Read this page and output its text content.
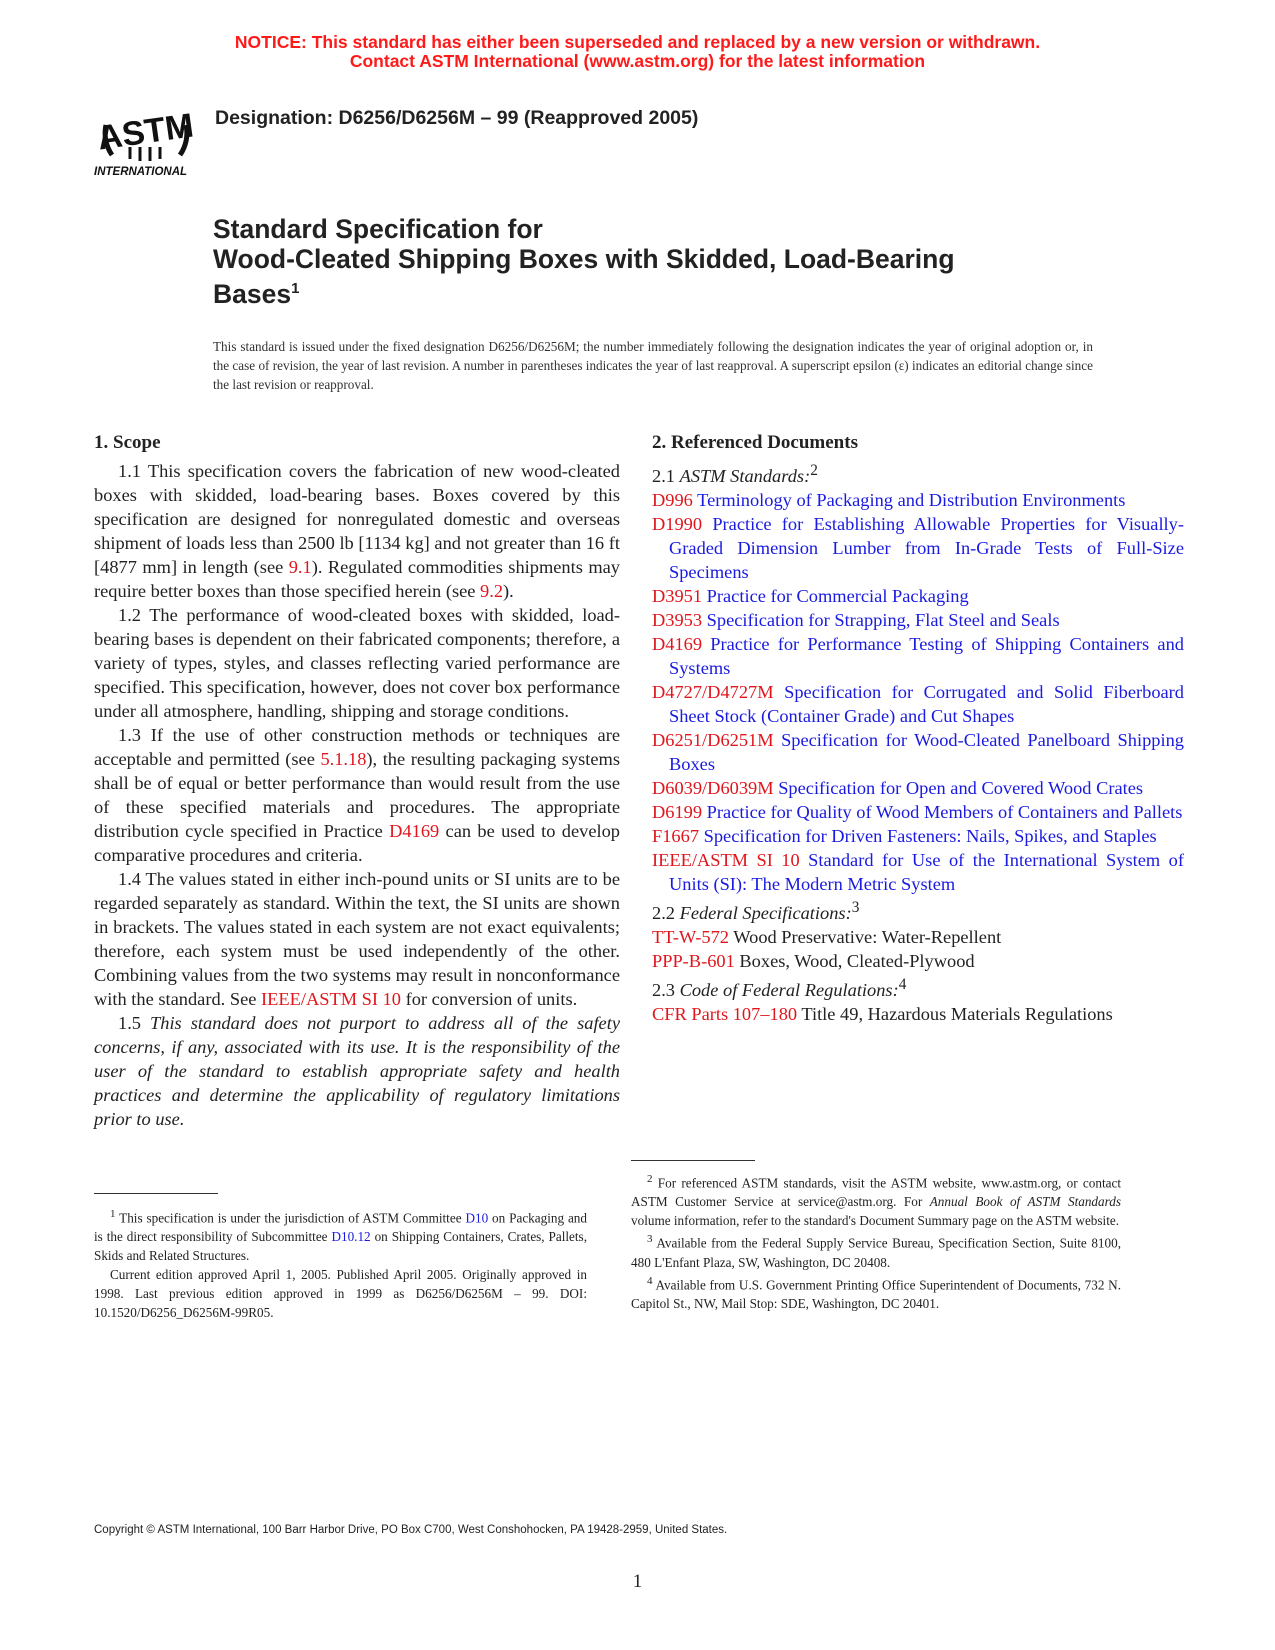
NOTICE: This standard has either been superseded and replaced by a new version or withdrawn.
Contact ASTM International (www.astm.org) for the latest information
ASTM
INTERNATIONAL
Designation: D6256/D6256M – 99 (Reapproved 2005)
Standard Specification for
Wood-Cleated Shipping Boxes with Skidded, Load-Bearing
Bases$^1$
This standard is issued under the fixed designation D6256/D6256M; the number immediately following the designation indicates the year of original adoption or, in the case of revision, the year of last revision. A number in parentheses indicates the year of last reapproval. A superscript epsilon (ε) indicates an editorial change since the last revision or reapproval.

1. Scope

1.1 This specification covers the fabrication of new wood-cleated boxes with skidded, load-bearing bases. Boxes covered by this specification are designed for nonregulated domestic and overseas shipment of loads less than 2500 lb [1134 kg] and not greater than 16 ft [4877 mm] in length (see 9.1). Regulated commodities shipments may require better boxes than those specified herein (see 9.2).

1.2 The performance of wood-cleated boxes with skidded, load-bearing bases is dependent on their fabricated components; therefore, a variety of types, styles, and classes reflecting varied performance are specified. This specification, however, does not cover box performance under all atmosphere, handling, shipping and storage conditions.

1.3 If the use of other construction methods or techniques are acceptable and permitted (see 5.1.18), the resulting packaging systems shall be of equal or better performance than would result from the use of these specified materials and procedures. The appropriate distribution cycle specified in Practice D4169 can be used to develop comparative procedures and criteria.

1.4 The values stated in either inch-pound units or SI units are to be regarded separately as standard. Within the text, the SI units are shown in brackets. The values stated in each system are not exact equivalents; therefore, each system must be used independently of the other. Combining values from the two systems may result in nonconformance with the standard. See IEEE/ASTM SI 10 for conversion of units.

1.5 This standard does not purport to address all of the safety concerns, if any, associated with its use. It is the responsibility of the user of the standard to establish appropriate safety and health practices and determine the applicability of regulatory limitations prior to use.

$^1$ This specification is under the jurisdiction of ASTM Committee D10 on Packaging and is the direct responsibility of Subcommittee D10.12 on Shipping Containers, Crates, Pallets, Skids and Related Structures.

Current edition approved April 1, 2005. Published April 2005. Originally approved in 1998. Last previous edition approved in 1999 as D6256/D6256M – 99. DOI: 10.1520/D6256_D6256M-99R05.

2. Referenced Documents

2.1 ASTM Standards:$^2$

D996 Terminology of Packaging and Distribution Environments

D1990 Practice for Establishing Allowable Properties for Visually-Graded Dimension Lumber from In-Grade Tests of Full-Size Specimens

D3951 Practice for Commercial Packaging

D3953 Specification for Strapping, Flat Steel and Seals

D4169 Practice for Performance Testing of Shipping Containers and Systems

D4727/D4727M Specification for Corrugated and Solid Fiberboard Sheet Stock (Container Grade) and Cut Shapes

D6251/D6251M Specification for Wood-Cleated Panelboard Shipping Boxes

D6039/D6039M Specification for Open and Covered Wood Crates

D6199 Practice for Quality of Wood Members of Containers and Pallets

F1667 Specification for Driven Fasteners: Nails, Spikes, and Staples

IEEE/ASTM SI 10 Standard for Use of the International System of Units (SI): The Modern Metric System

2.2 Federal Specifications:$^3$

TT-W-572 Wood Preservative: Water-Repellent

PPP-B-601 Boxes, Wood, Cleated-Plywood

2.3 Code of Federal Regulations:$^4$

CFR Parts 107–180 Title 49, Hazardous Materials Regulations

$^2$ For referenced ASTM standards, visit the ASTM website, www.astm.org, or contact ASTM Customer Service at service@astm.org. For Annual Book of ASTM Standards volume information, refer to the standard's Document Summary page on the ASTM website.

$^3$ Available from the Federal Supply Service Bureau, Specification Section, Suite 8100, 480 L'Enfant Plaza, SW, Washington, DC 20408.

$^4$ Available from U.S. Government Printing Office Superintendent of Documents, 732 N. Capitol St., NW, Mail Stop: SDE, Washington, DC 20401.

Copyright © ASTM International, 100 Barr Harbor Drive, PO Box C700, West Conshohocken, PA 19428-2959, United States.
1
